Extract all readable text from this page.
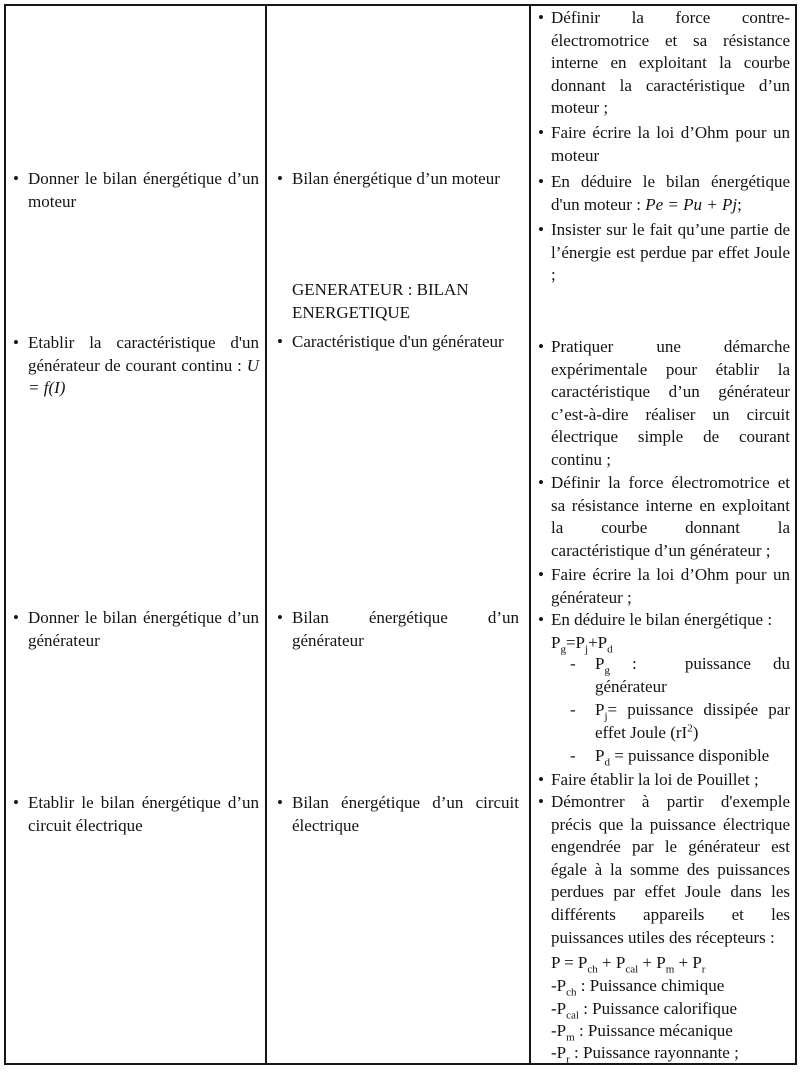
• Donner le bilan énergétique d’un moteur
• Etablir la caractéristique d'un générateur de courant continu : U = f(I)
• Donner le bilan énergétique d’un générateur
• Etablir le bilan énergétique d’un circuit électrique
• Bilan énergétique d’un moteur
GENERATEUR : BILAN ENERGETIQUE
• Caractéristique d'un générateur
• Bilan énergétique d’un générateur
• Bilan énergétique d’un circuit électrique
• Définir la force contre-électromotrice et sa résistance interne en exploitant la courbe donnant la caractéristique d’un moteur ;
• Faire écrire la loi d’Ohm pour un moteur
• En déduire le bilan énergétique d'un moteur : Pe = Pu + Pj;
• Insister sur le fait qu’une partie de l’énergie est perdue par effet Joule ;
• Pratiquer une démarche expérimentale pour établir la caractéristique d’un générateur c’est-à-dire réaliser un circuit électrique simple de courant continu ;
• Définir la force électromotrice et sa résistance interne en exploitant la courbe donnant la caractéristique d’un générateur ;
• Faire écrire la loi d’Ohm pour un générateur ;
• En déduire le bilan énergétique :
$P_g=P_j+P_d$
- $P_g$ : puissance du générateur
- $P_j=$ puissance dissipée par effet Joule $(rI^2)$
- $P_d$ = puissance disponible
• Faire établir la loi de Pouillet ;
• Démontrer à partir d'exemple précis que la puissance électrique engendrée par le générateur est égale à la somme des puissances perdues par effet Joule dans les différents appareils et les puissances utiles des récepteurs :
$P = P_{ch} + P_{cal} + P_m + P_r$
$-P_{ch}$ : Puissance chimique
$-P_{cal}$ : Puissance calorifique
$-P_m$ : Puissance mécanique
$-P_r$ : Puissance rayonnante ;
